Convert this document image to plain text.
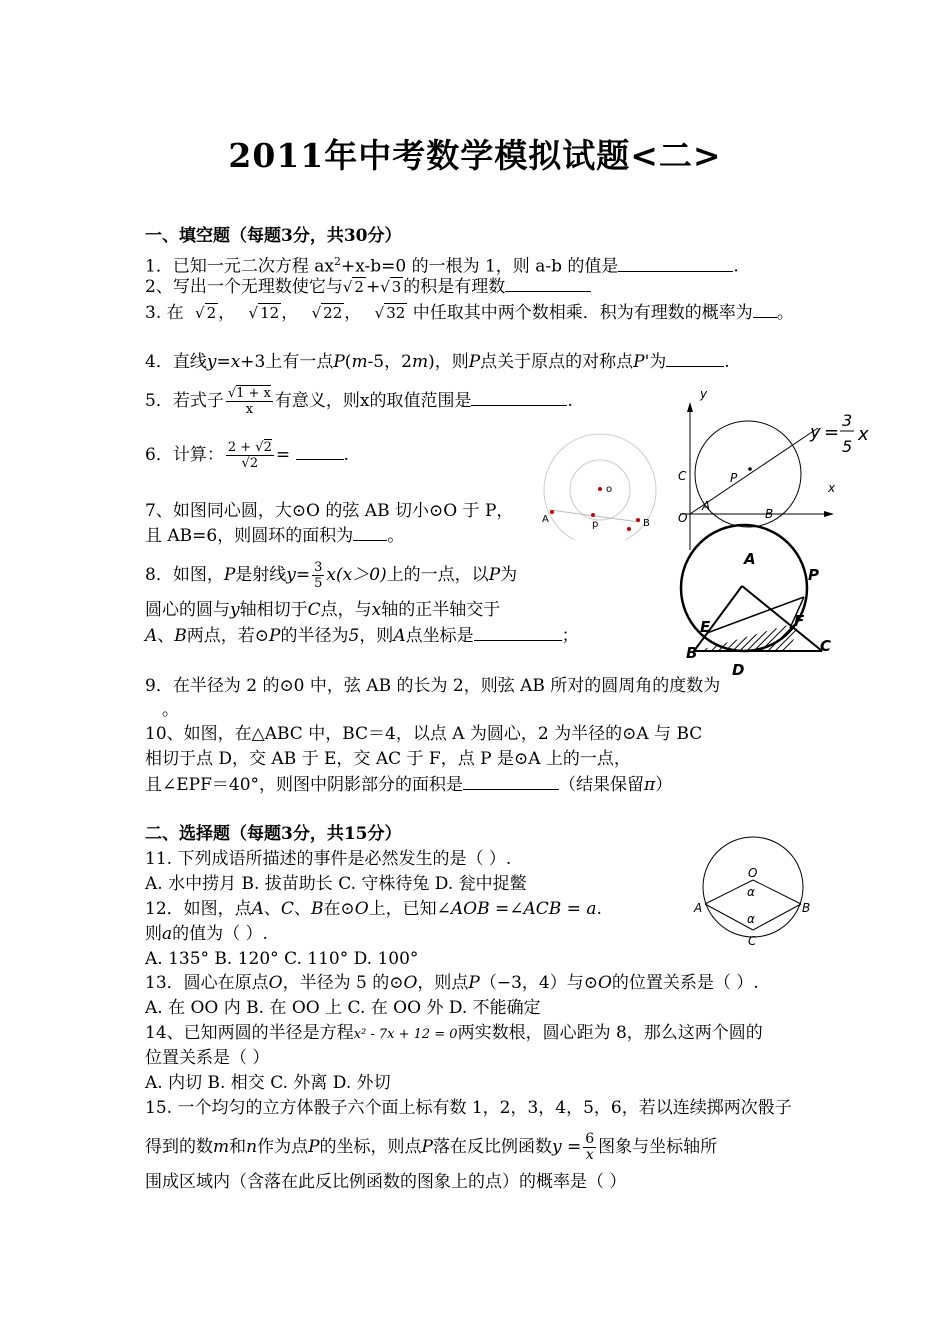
2011年中考数学模拟试题<二>
一、填空题（每题3分，共30分）
1．已知一元二次方程 $ax^2+x-b=0$ 的一根为 1，则 a-b 的值是	.
2、写出一个无理数使它与√ 2 +√ 3 的积是有理数
3. 在 √ 2 ， √ 12 ， √ 22 ， √ 32 中任取其中两个数相乘．积为有理数的概率为 。
4．直线y=x+3上有一点P(m-5，2m)，则P点关于原点的对称点P'为	.
5．若式子 $\frac{√1 + x}{x}$ 有意义，则x的取值范围是	.
6．计算： $\frac{2 + √2}{√2}$ =	.
7、如图同心圆，大⊙O 的弦 AB 切小⊙O 于 P，
且 AB=6，则圆环的面积为 。
8．如图，P是射线$y= \frac{3}{5} x(x>0)$上的一点，以P为
圆心的圆与y轴相切于C点，与x轴的正半轴交于
A、B两点，若⊙P的半径为5，则A点坐标是	；
9．在半径为 2 的⊙0 中，弦 AB 的长为 2，则弦 AB 所对的圆周角的度数为
。
10、如图，在△ABC 中，BC＝4，以点 A 为圆心，2 为半径的⊙A 与 BC
相切于点 D，交 AB 于 E，交 AC 于 F，点 P 是⊙A 上的一点，
且∠EPF＝40°，则图中阴影部分的面积是	（结果保留π）
二、选择题（每题3分，共15分）
11. 下列成语所描述的事件是必然发生的是（ ）.
A. 水中捞月 B. 拔苗助长 C. 守株待兔 D. 瓮中捉鳖
12．如图，点A、C、B在⊙O上，已知∠AOB =∠ACB = a.
则a的值为（ ）.
A. 135° B. 120° C. 110° D. 100°
13．圆心在原点O，半径为 5 的⊙O，则点P（−3，4）与⊙O的位置关系是（ ）.
A. 在 OO 内 B. 在 OO 上 C. 在 OO 外 D. 不能确定
14、已知两圆的半径是方程x² - 7x + 12 = 0两实数根，圆心距为 8，那么这两个圆的
位置关系是（ ）
A. 内切 B. 相交 C. 外离 D. 外切
15. 一个均匀的立方体骰子六个面上标有数 1，2，3，4，5，6，若以连续掷两次骰子
得到的数m和n作为点P的坐标，则点P落在反比例函数$y = \frac{6}{x}$ 图象与坐标轴所
围成区域内（含落在此反比例函数的图象上的点）的概率是（ ）
o
A	p	B
y
x
C	P
O
A
B
y =
3
5
x
A
P
E	F
B	C
D
O
α
A	B
α
C
